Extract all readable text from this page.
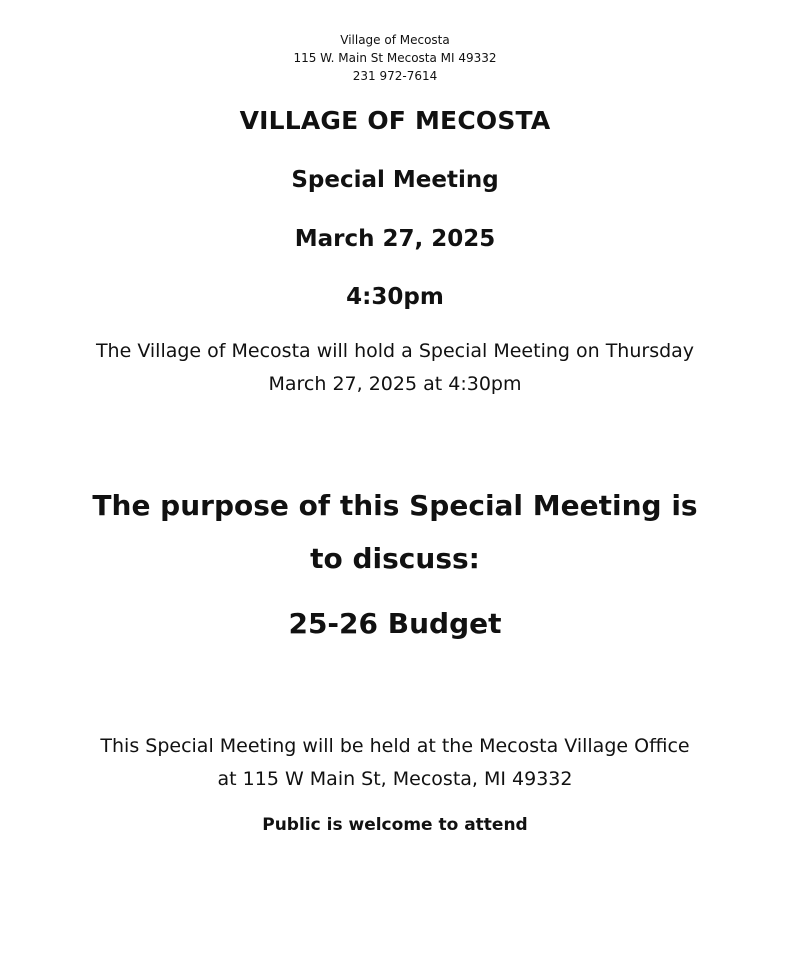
Village of Mecosta

115 W. Main St Mecosta MI 49332

231 972-7614

VILLAGE OF MECOSTA
Special Meeting
March 27, 2025
4:30pm

The Village of Mecosta will hold a Special Meeting on Thursday

March 27, 2025 at 4:30pm

The purpose of this Special Meeting is

to discuss:

25-26 Budget

This Special Meeting will be held at the Mecosta Village Office

at 115 W Main St, Mecosta, MI 49332

Public is welcome to attend
